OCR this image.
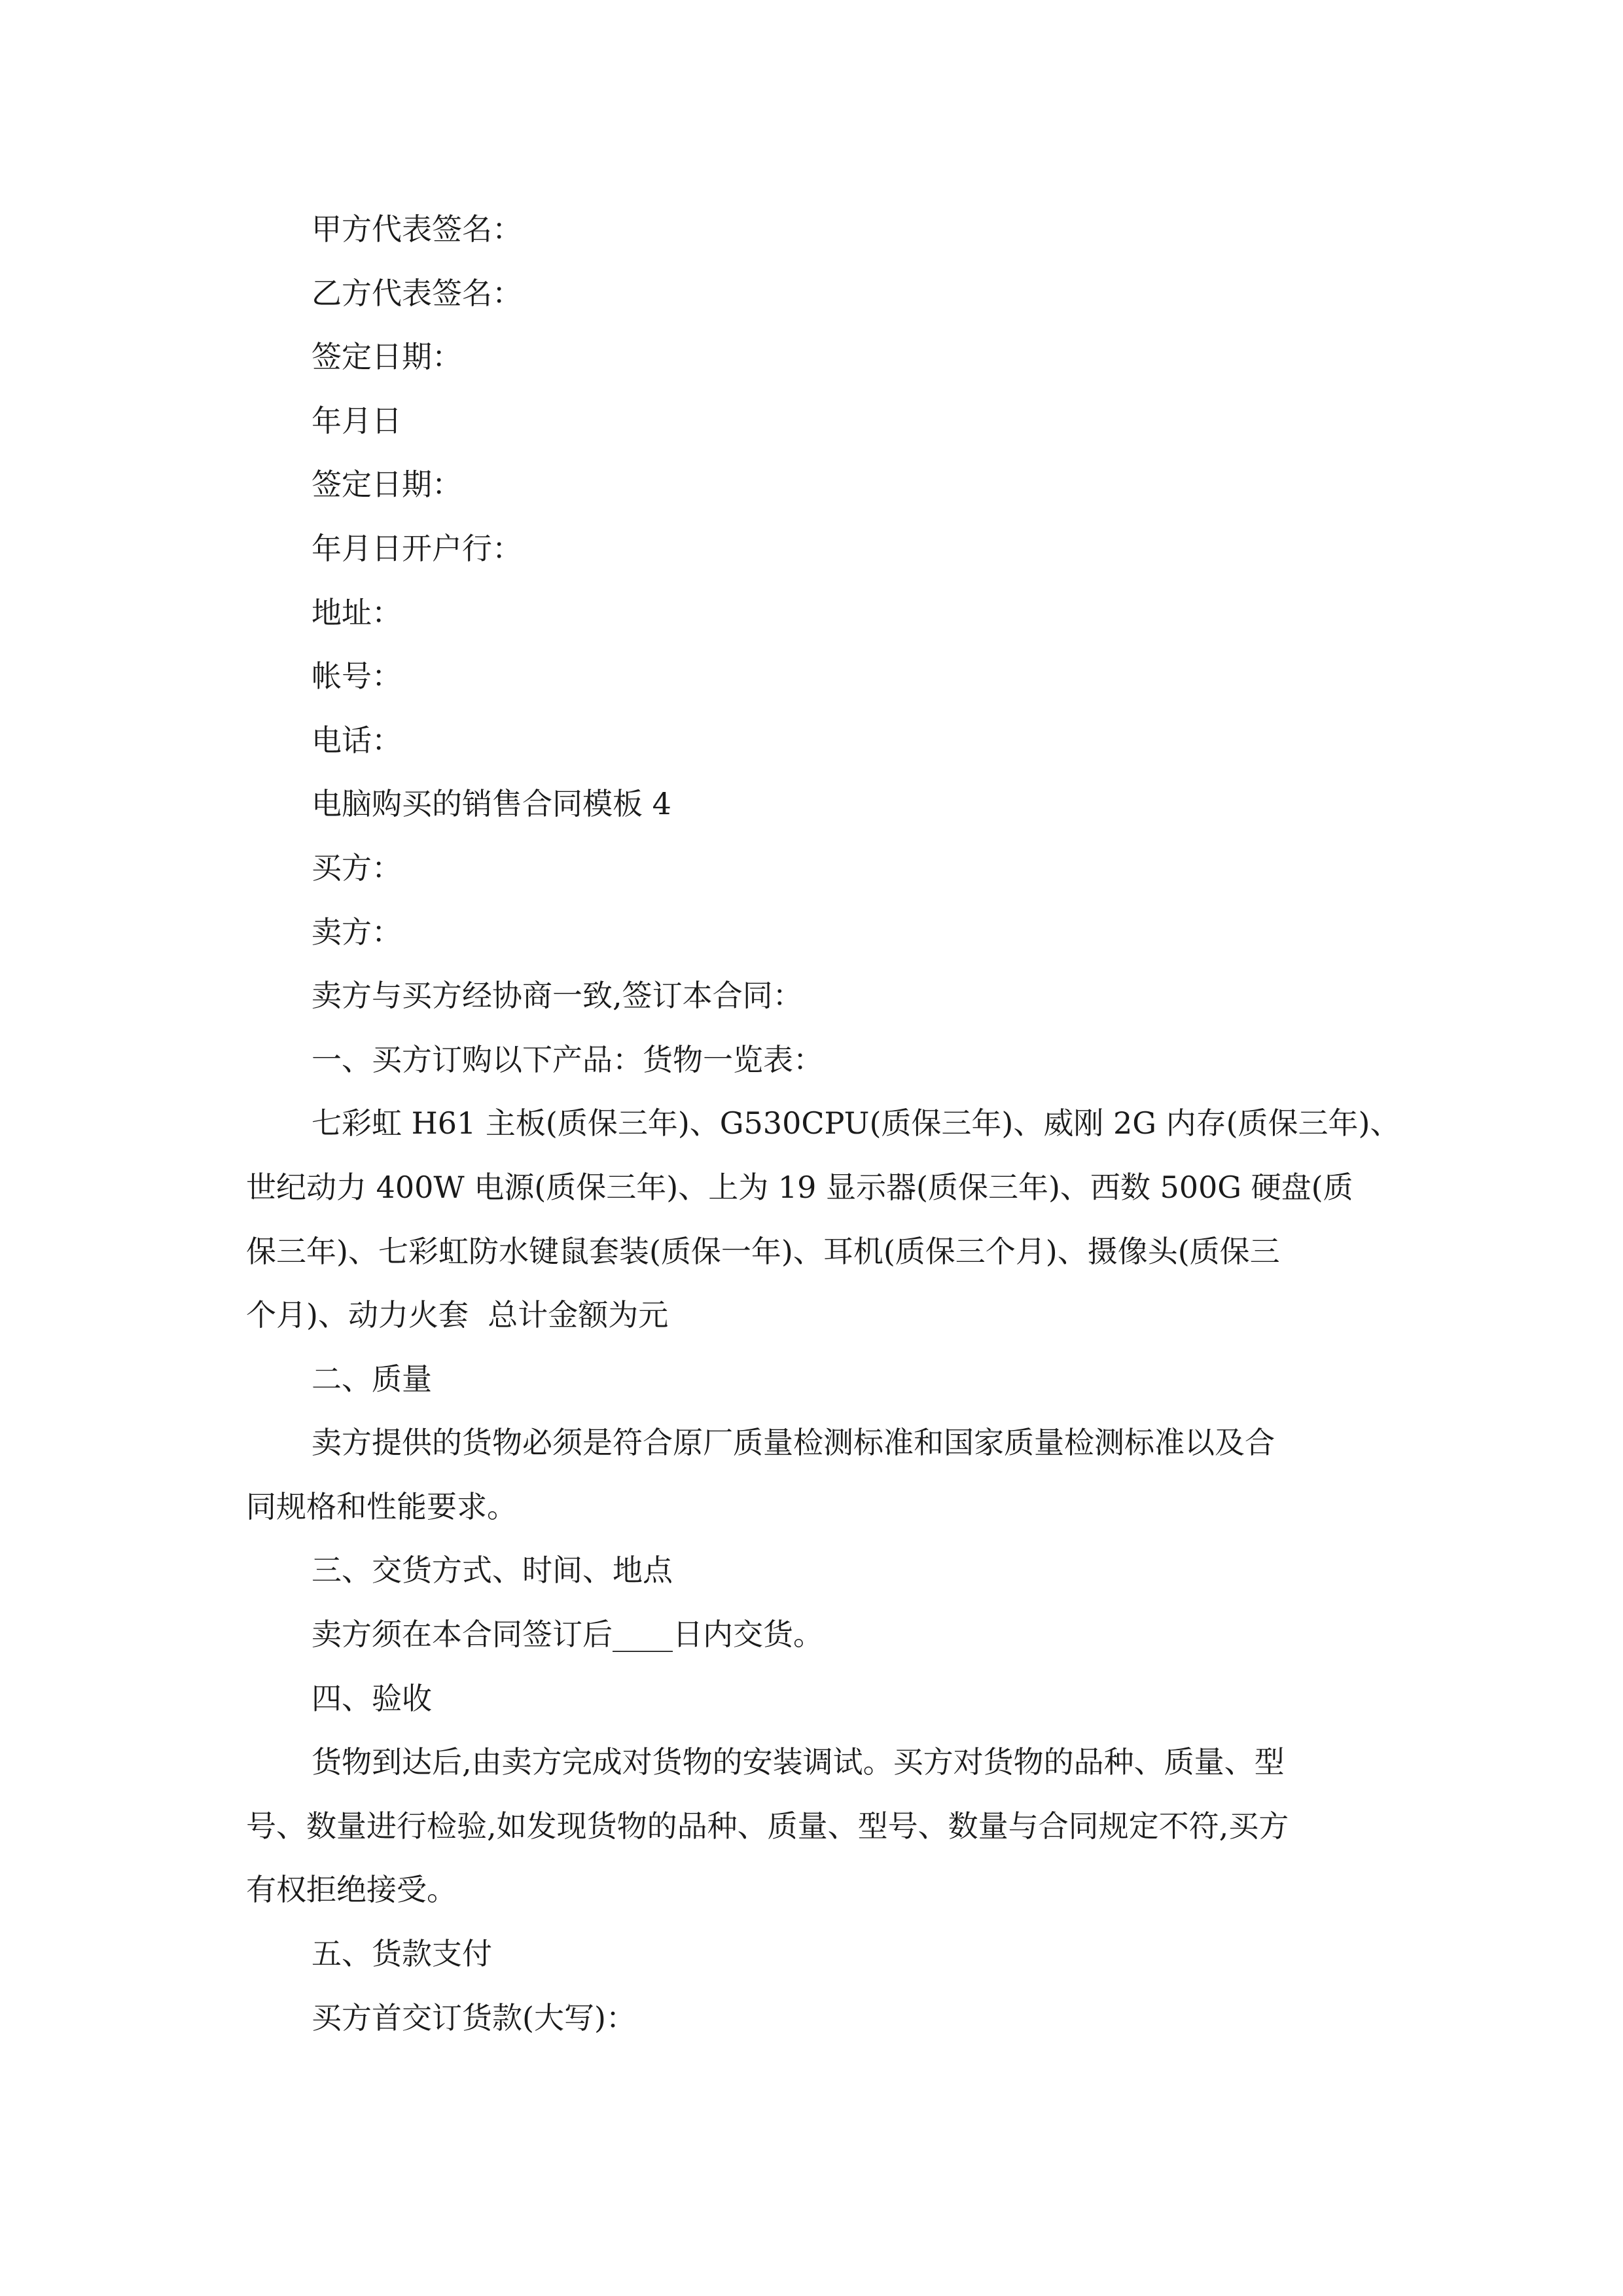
甲方代表签名：

乙方代表签名：

签定日期：

年月日

签定日期：

年月日开户行：

地址：

帐号：

电话：

电脑购买的销售合同模板 4

买方：

卖方：

卖方与买方经协商一致,签订本合同：

一、买方订购以下产品：货物一览表：

七彩虹 H61 主板(质保三年)、G530CPU(质保三年)、威刚 2G 内存(质保三年)、

世纪动力 400W 电源(质保三年)、上为 19 显示器(质保三年)、西数 500G 硬盘(质

保三年)、七彩虹防水键鼠套装(质保一年)、耳机(质保三个月)、摄像头(质保三

个月)、动力火套  总计金额为元

二、质量

卖方提供的货物必须是符合原厂质量检测标准和国家质量检测标准以及合

同规格和性能要求。

三、交货方式、时间、地点

卖方须在本合同签订后____日内交货。

四、验收

货物到达后,由卖方完成对货物的安装调试。买方对货物的品种、质量、型

号、数量进行检验,如发现货物的品种、质量、型号、数量与合同规定不符,买方

有权拒绝接受。

五、货款支付

买方首交订货款(大写)：
